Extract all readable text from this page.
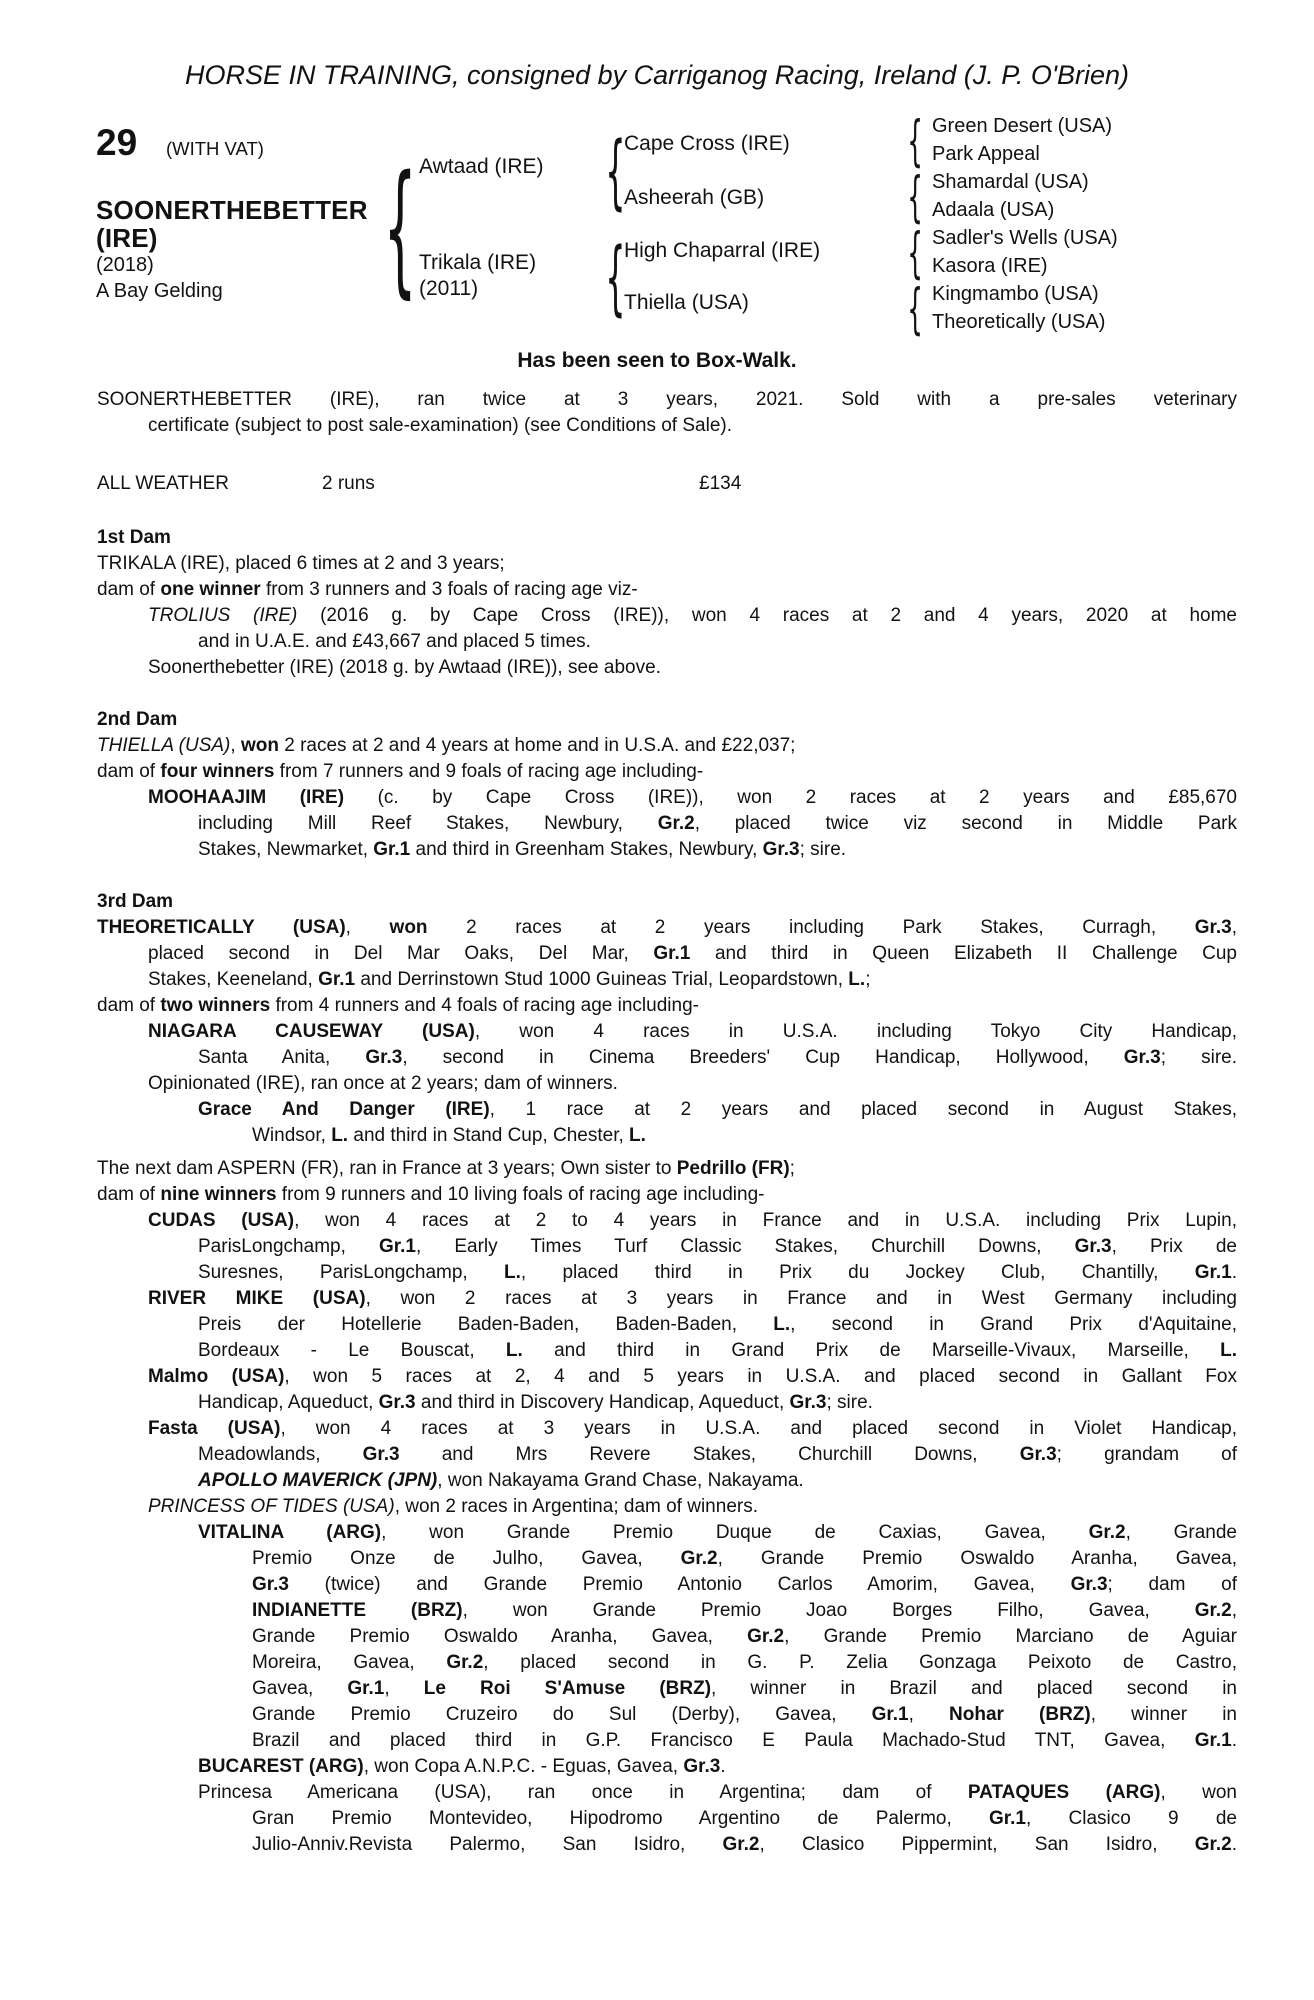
HORSE IN TRAINING, consigned by Carriganog Racing, Ireland (J. P. O'Brien)
29 (WITH VAT)
SOONERTHEBETTER
(IRE)
(2018)
A Bay Gelding
{
{
{
{
{
{
{
Awtaad (IRE)
Trikala (IRE)
(2011)
Cape Cross (IRE)
Asheerah (GB)
High Chaparral (IRE)
Thiella (USA)
Green Desert (USA)
Park Appeal
Shamardal (USA)
Adaala (USA)
Sadler's Wells (USA)
Kasora (IRE)
Kingmambo (USA)
Theoretically (USA)
Has been seen to Box-Walk.
SOONERTHEBETTER (IRE), ran twice at 3 years, 2021. Sold with a pre-sales veterinary
certificate (subject to post sale-examination) (see Conditions of Sale).
ALL WEATHER	2 runs	£134
1st Dam
TRIKALA (IRE), placed 6 times at 2 and 3 years;
dam of one winner from 3 runners and 3 foals of racing age viz-
TROLIUS (IRE) (2016 g. by Cape Cross (IRE)), won 4 races at 2 and 4 years, 2020 at home
and in U.A.E. and £43,667 and placed 5 times.
Soonerthebetter (IRE) (2018 g. by Awtaad (IRE)), see above.
2nd Dam
THIELLA (USA), won 2 races at 2 and 4 years at home and in U.S.A. and £22,037;
dam of four winners from 7 runners and 9 foals of racing age including-
MOOHAAJIM (IRE) (c. by Cape Cross (IRE)), won 2 races at 2 years and £85,670
including Mill Reef Stakes, Newbury, Gr.2, placed twice viz second in Middle Park
Stakes, Newmarket, Gr.1 and third in Greenham Stakes, Newbury, Gr.3; sire.
3rd Dam
THEORETICALLY (USA), won 2 races at 2 years including Park Stakes, Curragh, Gr.3,
placed second in Del Mar Oaks, Del Mar, Gr.1 and third in Queen Elizabeth II Challenge Cup
Stakes, Keeneland, Gr.1 and Derrinstown Stud 1000 Guineas Trial, Leopardstown, L.;
dam of two winners from 4 runners and 4 foals of racing age including-
NIAGARA CAUSEWAY (USA), won 4 races in U.S.A. including Tokyo City Handicap,
Santa Anita, Gr.3, second in Cinema Breeders' Cup Handicap, Hollywood, Gr.3; sire.
Opinionated (IRE), ran once at 2 years; dam of winners.
Grace And Danger (IRE), 1 race at 2 years and placed second in August Stakes,
Windsor, L. and third in Stand Cup, Chester, L.
The next dam ASPERN (FR), ran in France at 3 years; Own sister to Pedrillo (FR);
dam of nine winners from 9 runners and 10 living foals of racing age including-
CUDAS (USA), won 4 races at 2 to 4 years in France and in U.S.A. including Prix Lupin,
ParisLongchamp, Gr.1, Early Times Turf Classic Stakes, Churchill Downs, Gr.3, Prix de
Suresnes, ParisLongchamp, L., placed third in Prix du Jockey Club, Chantilly, Gr.1.
RIVER MIKE (USA), won 2 races at 3 years in France and in West Germany including
Preis der Hotellerie Baden-Baden, Baden-Baden, L., second in Grand Prix d'Aquitaine,
Bordeaux - Le Bouscat, L. and third in Grand Prix de Marseille-Vivaux, Marseille, L.
Malmo (USA), won 5 races at 2, 4 and 5 years in U.S.A. and placed second in Gallant Fox
Handicap, Aqueduct, Gr.3 and third in Discovery Handicap, Aqueduct, Gr.3; sire.
Fasta (USA), won 4 races at 3 years in U.S.A. and placed second in Violet Handicap,
Meadowlands, Gr.3 and Mrs Revere Stakes, Churchill Downs, Gr.3; grandam of
APOLLO MAVERICK (JPN), won Nakayama Grand Chase, Nakayama.
PRINCESS OF TIDES (USA), won 2 races in Argentina; dam of winners.
VITALINA (ARG), won Grande Premio Duque de Caxias, Gavea, Gr.2, Grande
Premio Onze de Julho, Gavea, Gr.2, Grande Premio Oswaldo Aranha, Gavea,
Gr.3 (twice) and Grande Premio Antonio Carlos Amorim, Gavea, Gr.3; dam of
INDIANETTE (BRZ), won Grande Premio Joao Borges Filho, Gavea, Gr.2,
Grande Premio Oswaldo Aranha, Gavea, Gr.2, Grande Premio Marciano de Aguiar
Moreira, Gavea, Gr.2, placed second in G. P. Zelia Gonzaga Peixoto de Castro,
Gavea, Gr.1, Le Roi S'Amuse (BRZ), winner in Brazil and placed second in
Grande Premio Cruzeiro do Sul (Derby), Gavea, Gr.1, Nohar (BRZ), winner in
Brazil and placed third in G.P. Francisco E Paula Machado-Stud TNT, Gavea, Gr.1.
BUCAREST (ARG), won Copa A.N.P.C. - Eguas, Gavea, Gr.3.
Princesa Americana (USA), ran once in Argentina; dam of PATAQUES (ARG), won
Gran Premio Montevideo, Hipodromo Argentino de Palermo, Gr.1, Clasico 9 de
Julio-Anniv.Revista Palermo, San Isidro, Gr.2, Clasico Pippermint, San Isidro, Gr.2.
